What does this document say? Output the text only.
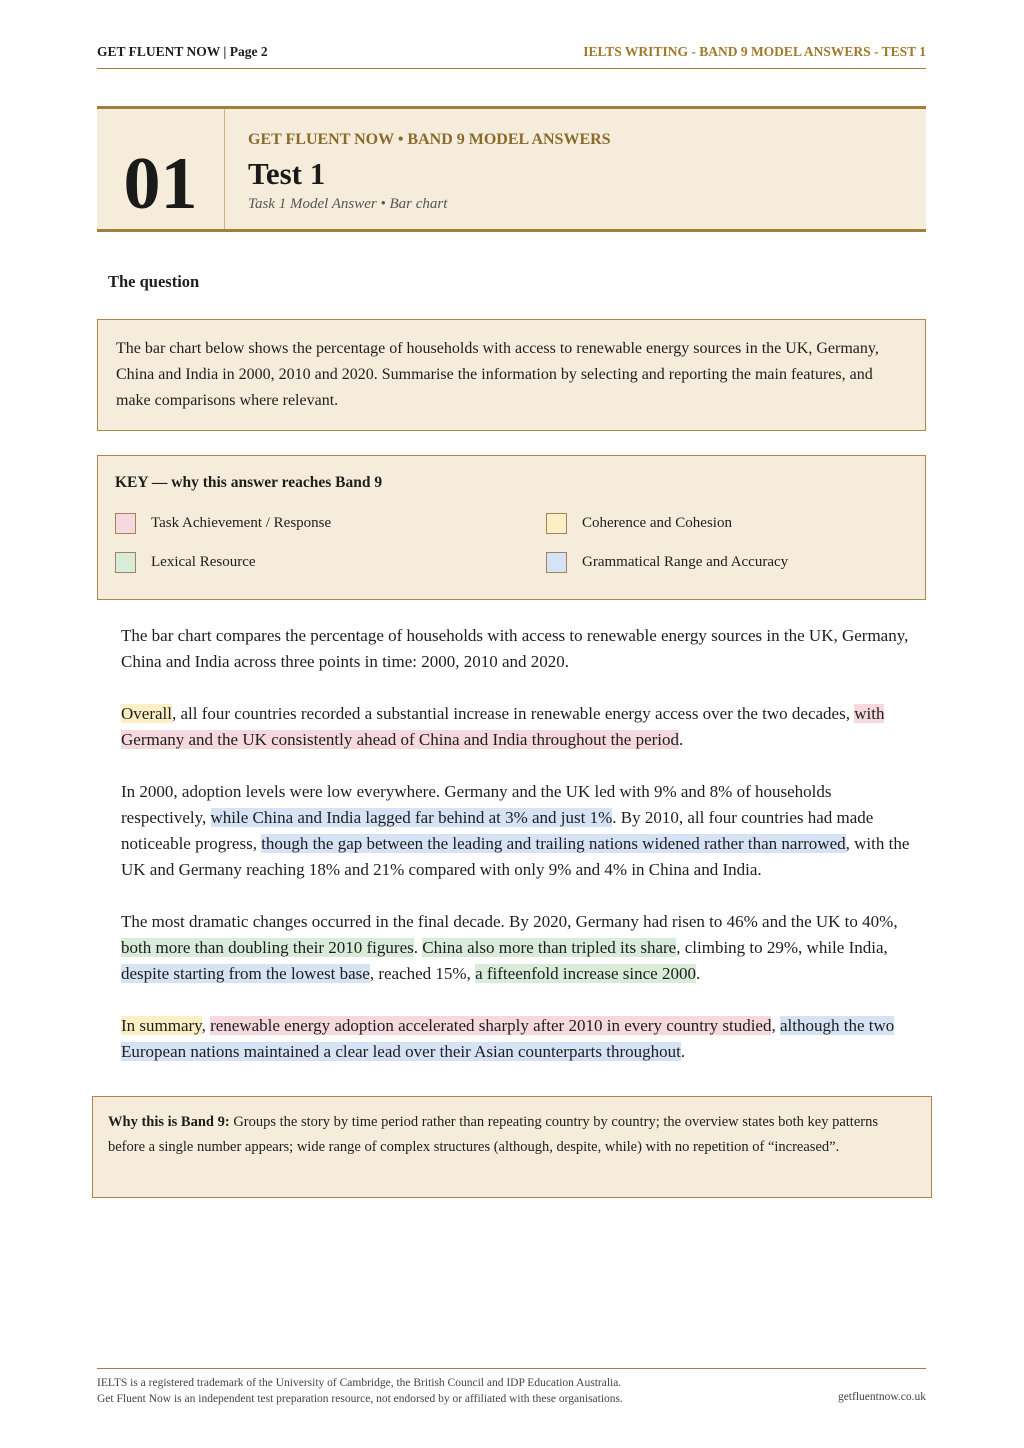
GET FLUENT NOW | Page 2	IELTS WRITING - BAND 9 MODEL ANSWERS - TEST 1
01
GET FLUENT NOW • BAND 9 MODEL ANSWERS
Test 1
Task 1 Model Answer • Bar chart
The question

The bar chart below shows the percentage of households with access to renewable energy sources in the UK, Germany, China and India in 2000, 2010 and 2020. Summarise the information by selecting and reporting the main features, and make comparisons where relevant.

KEY — why this answer reaches Band 9
Task Achievement / Response	Coherence and Cohesion
Lexical Resource	Grammatical Range and Accuracy

The bar chart compares the percentage of households with access to renewable energy sources in the UK, Germany, China and India across three points in time: 2000, 2010 and 2020.

Overall, all four countries recorded a substantial increase in renewable energy access over the two decades, with Germany and the UK consistently ahead of China and India throughout the period.

In 2000, adoption levels were low everywhere. Germany and the UK led with 9% and 8% of households respectively, while China and India lagged far behind at 3% and just 1%. By 2010, all four countries had made noticeable progress, though the gap between the leading and trailing nations widened rather than narrowed, with the UK and Germany reaching 18% and 21% compared with only 9% and 4% in China and India.

The most dramatic changes occurred in the final decade. By 2020, Germany had risen to 46% and the UK to 40%, both more than doubling their 2010 figures. China also more than tripled its share, climbing to 29%, while India, despite starting from the lowest base, reached 15%, a fifteenfold increase since 2000.

In summary, renewable energy adoption accelerated sharply after 2010 in every country studied, although the two European nations maintained a clear lead over their Asian counterparts throughout.

Why this is Band 9: Groups the story by time period rather than repeating country by country; the overview states both key patterns before a single number appears; wide range of complex structures (although, despite, while) with no repetition of “increased”.

IELTS is a registered trademark of the University of Cambridge, the British Council and IDP Education Australia.
Get Fluent Now is an independent test preparation resource, not endorsed by or affiliated with these organisations.	getfluentnow.co.uk
